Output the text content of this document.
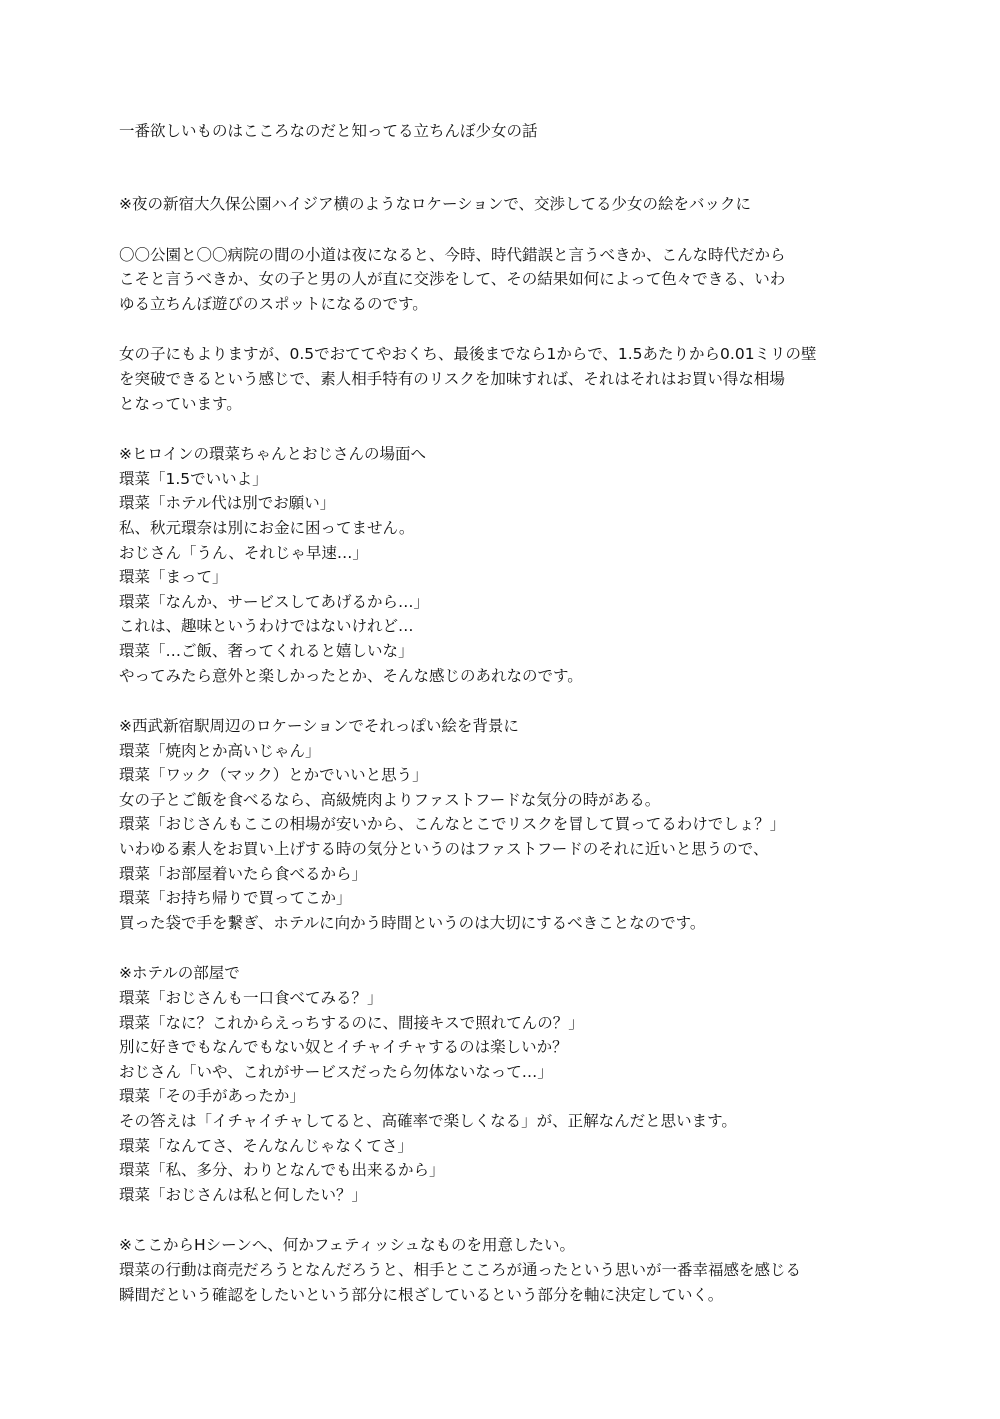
一番欲しいものはこころなのだと知ってる立ちんぼ少女の話
※夜の新宿大久保公園ハイジア横のようなロケーションで、交渉してる少女の絵をバックに
〇〇公園と〇〇病院の間の小道は夜になると、今時、時代錯誤と言うべきか、こんな時代だから
こそと言うべきか、女の子と男の人が直に交渉をして、その結果如何によって色々できる、いわ
ゆる立ちんぼ遊びのスポットになるのです。
女の子にもよりますが、0.5でおててやおくち、最後までなら1からで、1.5あたりから0.01ミリの壁
を突破できるという感じで、素人相手特有のリスクを加味すれば、それはそれはお買い得な相場
となっています。
※ヒロインの環菜ちゃんとおじさんの場面へ
環菜「1.5でいいよ」
環菜「ホテル代は別でお願い」
私、秋元環奈は別にお金に困ってません。
おじさん「うん、それじゃ早速…」
環菜「まって」
環菜「なんか、サービスしてあげるから…」
これは、趣味というわけではないけれど…
環菜「…ご飯、奢ってくれると嬉しいな」
やってみたら意外と楽しかったとか、そんな感じのあれなのです。
※西武新宿駅周辺のロケーションでそれっぽい絵を背景に
環菜「焼肉とか高いじゃん」
環菜「ワック（マック）とかでいいと思う」
女の子とご飯を食べるなら、高級焼肉よりファストフードな気分の時がある。
環菜「おじさんもここの相場が安いから、こんなとこでリスクを冒して買ってるわけでしょ？」
いわゆる素人をお買い上げする時の気分というのはファストフードのそれに近いと思うので、
環菜「お部屋着いたら食べるから」
環菜「お持ち帰りで買ってこか」
買った袋で手を繋ぎ、ホテルに向かう時間というのは大切にするべきことなのです。
※ホテルの部屋で
環菜「おじさんも一口食べてみる？」
環菜「なに？これからえっちするのに、間接キスで照れてんの？」
別に好きでもなんでもない奴とイチャイチャするのは楽しいか？
おじさん「いや、これがサービスだったら勿体ないなって…」
環菜「その手があったか」
その答えは「イチャイチャしてると、高確率で楽しくなる」が、正解なんだと思います。
環菜「なんてさ、そんなんじゃなくてさ」
環菜「私、多分、わりとなんでも出来るから」
環菜「おじさんは私と何したい？」
※ここからHシーンへ、何かフェティッシュなものを用意したい。
環菜の行動は商売だろうとなんだろうと、相手とこころが通ったという思いが一番幸福感を感じる
瞬間だという確認をしたいという部分に根ざしているという部分を軸に決定していく。
